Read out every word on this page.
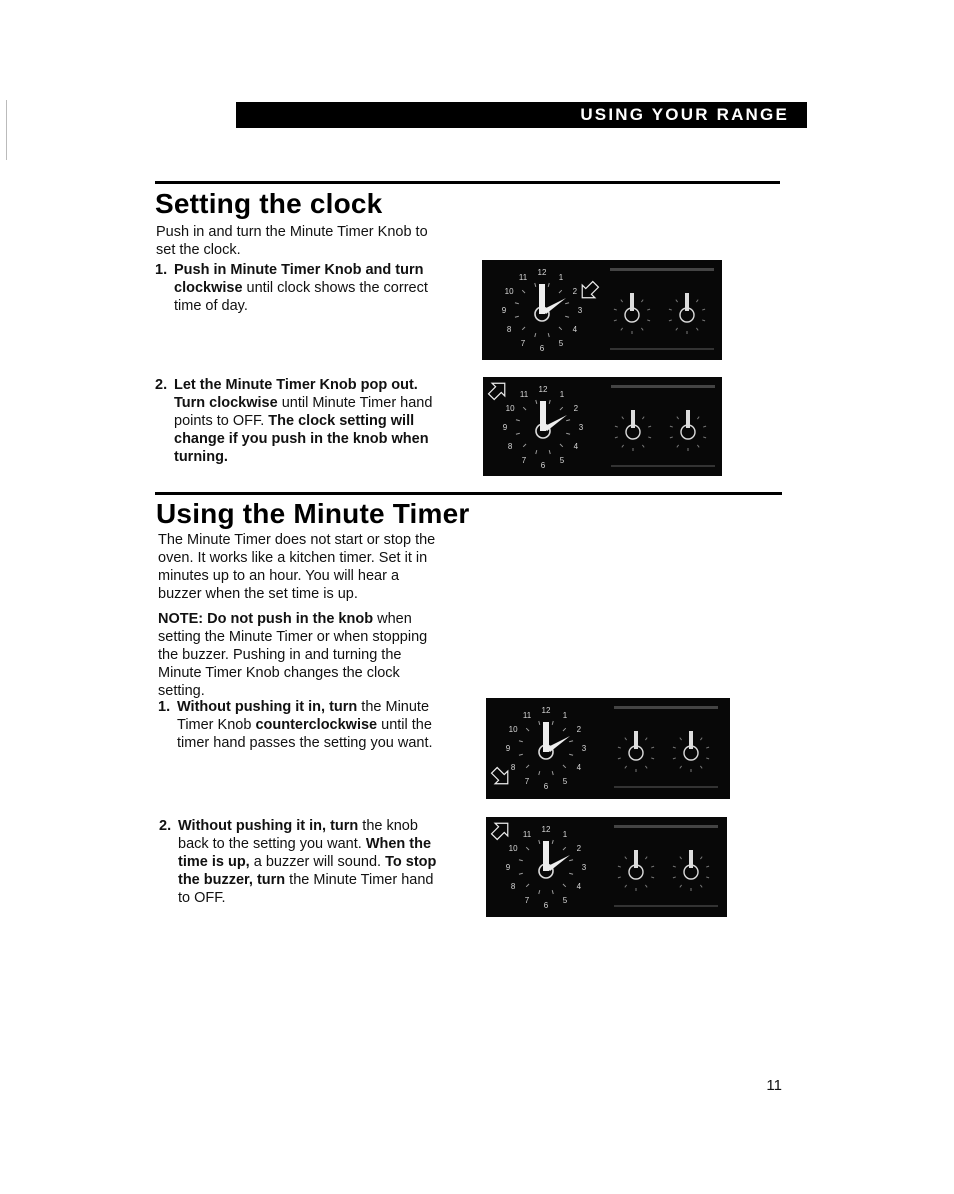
USING YOUR RANGE
Setting the clock

Push in and turn the Minute Timer Knob to
set the clock.

1. Push in Minute Timer Knob and turn
clockwise until clock shows the correct
time of day.
2. Let the Minute Timer Knob pop out.
Turn clockwise until Minute Timer hand
points to OFF. The clock setting will
change if you push in the knob when
turning.
12
1
2
3
4
5
6
7
8
9
10
11
12
1
2
3
4
5
6
7
8
9
10
11
Using the Minute Timer

The Minute Timer does not start or stop the
oven. It works like a kitchen timer. Set it in
minutes up to an hour. You will hear a
buzzer when the set time is up.

NOTE: Do not push in the knob when
setting the Minute Timer or when stopping
the buzzer. Pushing in and turning the
Minute Timer Knob changes the clock
setting.

1. Without pushing it in, turn the Minute
Timer Knob counterclockwise until the
timer hand passes the setting you want.
2. Without pushing it in, turn the knob
back to the setting you want. When the
time is up, a buzzer will sound. To stop
the buzzer, turn the Minute Timer hand
to OFF.
12
1
2
3
4
5
6
7
8
9
10
11
12
1
2
3
4
5
6
7
8
9
10
11
11
